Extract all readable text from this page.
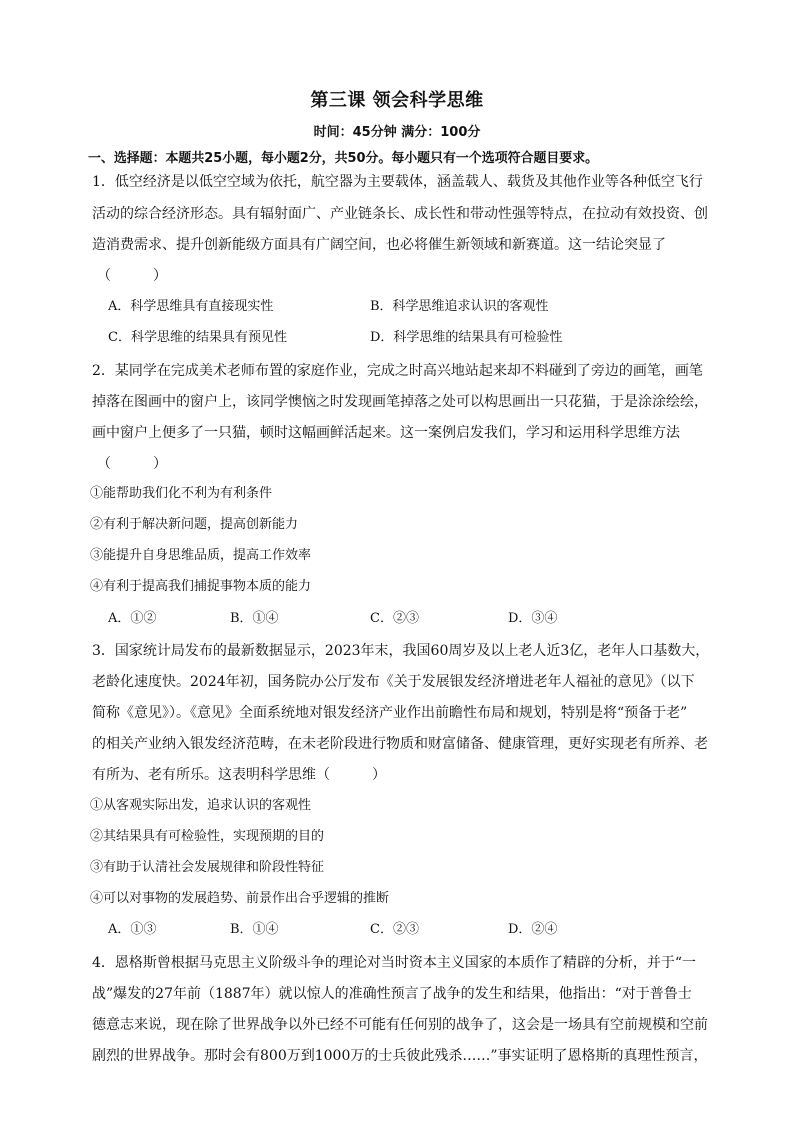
第三课 领会科学思维
时间：45分钟 满分：100分
一、选择题：本题共25小题，每小题2分，共50分。每小题只有一个选项符合题目要求。
1．低空经济是以低空空域为依托，航空器为主要载体，涵盖载人、载货及其他作业等各种低空飞行
活动的综合经济形态。具有辐射面广、产业链条长、成长性和带动性强等特点，在拉动有效投资、创
造消费需求、提升创新能级方面具有广阔空间，也必将催生新领域和新赛道。这一结论突显了
（　　　）
A．科学思维具有直接现实性	B．科学思维追求认识的客观性
C．科学思维的结果具有预见性	D．科学思维的结果具有可检验性
2．某同学在完成美术老师布置的家庭作业，完成之时高兴地站起来却不料碰到了旁边的画笔，画笔
掉落在图画中的窗户上，该同学懊恼之时发现画笔掉落之处可以构思画出一只花猫，于是涂涂绘绘，
画中窗户上便多了一只猫，顿时这幅画鲜活起来。这一案例启发我们，学习和运用科学思维方法
（　　　）
①能帮助我们化不利为有利条件
②有利于解决新问题，提高创新能力
③能提升自身思维品质，提高工作效率
④有利于提高我们捕捉事物本质的能力
A．①②	B．①④	C．②③	D．③④
3．国家统计局发布的最新数据显示，2023年末，我国60周岁及以上老人近3亿，老年人口基数大，
老龄化速度快。2024年初，国务院办公厅发布《关于发展银发经济增进老年人福祉的意见》（以下
简称《意见》）。《意见》全面系统地对银发经济产业作出前瞻性布局和规划，特别是将“预备于老”
的相关产业纳入银发经济范畴，在未老阶段进行物质和财富储备、健康管理，更好实现老有所养、老
有所为、老有所乐。这表明科学思维（　　　）
①从客观实际出发，追求认识的客观性
②其结果具有可检验性，实现预期的目的
③有助于认清社会发展规律和阶段性特征
④可以对事物的发展趋势、前景作出合乎逻辑的推断
A．①③	B．①④	C．②③	D．②④
4．恩格斯曾根据马克思主义阶级斗争的理论对当时资本主义国家的本质作了精辟的分析，并于“一
战”爆发的27年前（1887年）就以惊人的准确性预言了战争的发生和结果，他指出：“对于普鲁士
德意志来说，现在除了世界战争以外已经不可能有任何别的战争了，这会是一场具有空前规模和空前
剧烈的世界战争。那时会有800万到1000万的士兵彼此残杀……”事实证明了恩格斯的真理性预言，
